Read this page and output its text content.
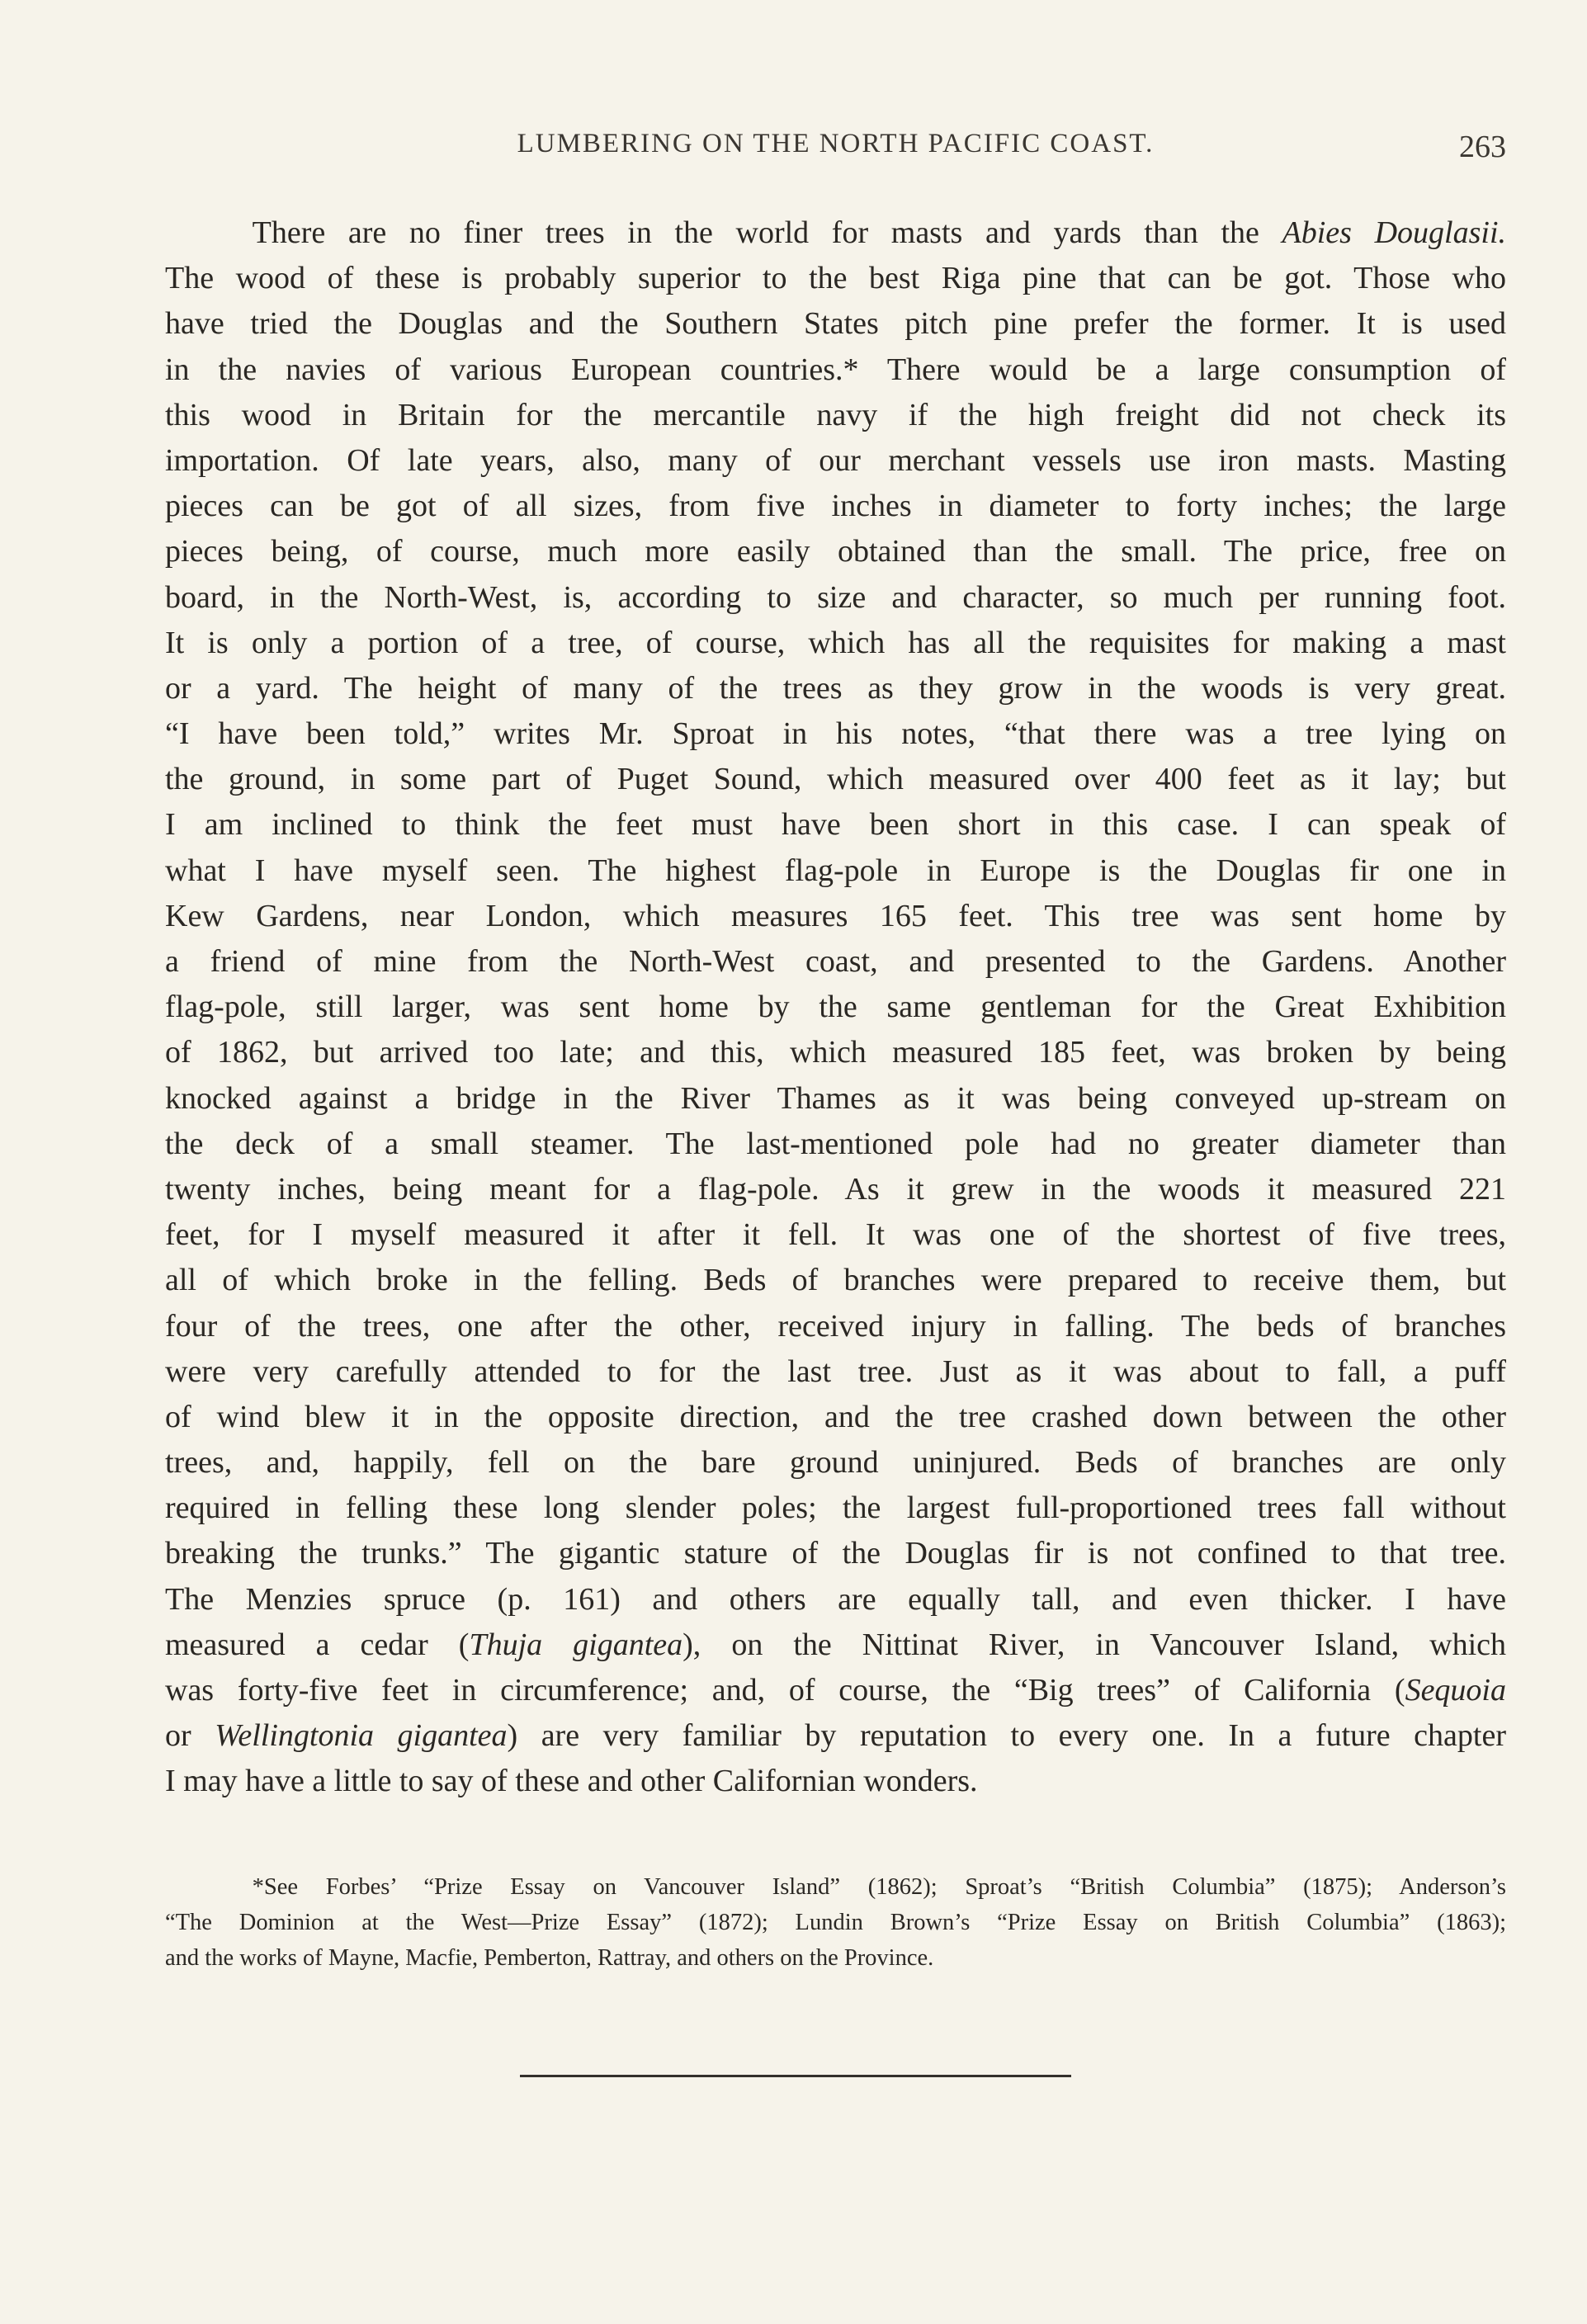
LUMBERING ON THE NORTH PACIFIC COAST.	263
There are no finer trees in the world for masts and yards than the Abies Douglasii.
The wood of these is probably superior to the best Riga pine that can be got. Those who
have tried the Douglas and the Southern States pitch pine prefer the former. It is used
in the navies of various European countries.* There would be a large consumption of
this wood in Britain for the mercantile navy if the high freight did not check its
importation. Of late years, also, many of our merchant vessels use iron masts. Masting
pieces can be got of all sizes, from five inches in diameter to forty inches; the large
pieces being, of course, much more easily obtained than the small. The price, free on
board, in the North-West, is, according to size and character, so much per running foot.
It is only a portion of a tree, of course, which has all the requisites for making a mast
or a yard. The height of many of the trees as they grow in the woods is very great.
“I have been told,” writes Mr. Sproat in his notes, “that there was a tree lying on
the ground, in some part of Puget Sound, which measured over 400 feet as it lay; but
I am inclined to think the feet must have been short in this case. I can speak of
what I have myself seen. The highest flag-pole in Europe is the Douglas fir one in
Kew Gardens, near London, which measures 165 feet. This tree was sent home by
a friend of mine from the North-West coast, and presented to the Gardens. Another
flag-pole, still larger, was sent home by the same gentleman for the Great Exhibition
of 1862, but arrived too late; and this, which measured 185 feet, was broken by being
knocked against a bridge in the River Thames as it was being conveyed up-stream on
the deck of a small steamer. The last-mentioned pole had no greater diameter than
twenty inches, being meant for a flag-pole. As it grew in the woods it measured 221
feet, for I myself measured it after it fell. It was one of the shortest of five trees,
all of which broke in the felling. Beds of branches were prepared to receive them, but
four of the trees, one after the other, received injury in falling. The beds of branches
were very carefully attended to for the last tree. Just as it was about to fall, a puff
of wind blew it in the opposite direction, and the tree crashed down between the other
trees, and, happily, fell on the bare ground uninjured. Beds of branches are only
required in felling these long slender poles; the largest full-proportioned trees fall without
breaking the trunks.” The gigantic stature of the Douglas fir is not confined to that tree.
The Menzies spruce (p. 161) and others are equally tall, and even thicker. I have
measured a cedar (Thuja gigantea), on the Nittinat River, in Vancouver Island, which
was forty-five feet in circumference; and, of course, the “Big trees” of California (Sequoia
or Wellingtonia gigantea) are very familiar by reputation to every one. In a future chapter
I may have a little to say of these and other Californian wonders.
*See Forbes’ “Prize Essay on Vancouver Island” (1862); Sproat’s “British Columbia” (1875); Anderson’s
“The Dominion at the West—Prize Essay” (1872); Lundin Brown’s “Prize Essay on British Columbia” (1863);
and the works of Mayne, Macfie, Pemberton, Rattray, and others on the Province.
